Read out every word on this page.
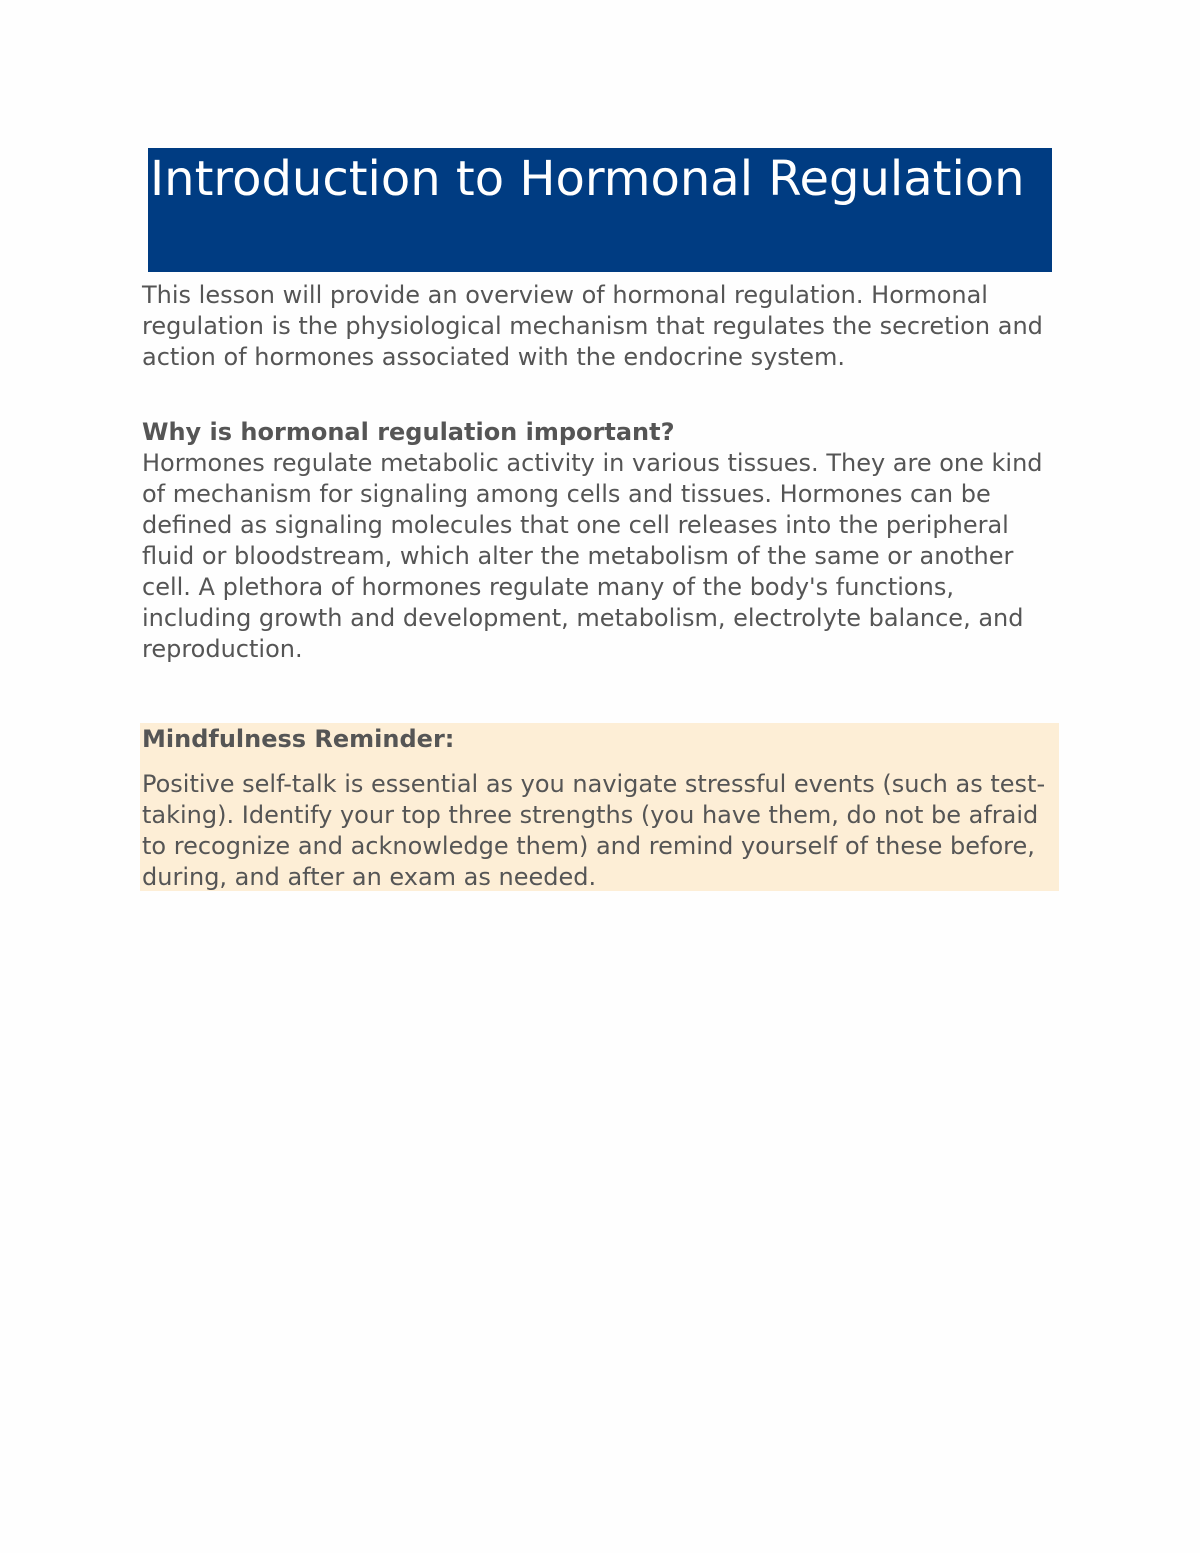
Introduction to Hormonal Regulation

This lesson will provide an overview of hormonal regulation. Hormonal regulation is the physiological mechanism that regulates the secretion and action of hormones associated with the endocrine system.

Why is hormonal regulation important?

Hormones regulate metabolic activity in various tissues. They are one kind of mechanism for signaling among cells and tissues. Hormones can be defined as signaling molecules that one cell releases into the peripheral fluid or bloodstream, which alter the metabolism of the same or another cell. A plethora of hormones regulate many of the body's functions, including growth and development, metabolism, electrolyte balance, and reproduction.

Mindfulness Reminder:

Positive self-talk is essential as you navigate stressful events (such as test-taking). Identify your top three strengths (you have them, do not be afraid to recognize and acknowledge them) and remind yourself of these before, during, and after an exam as needed.
